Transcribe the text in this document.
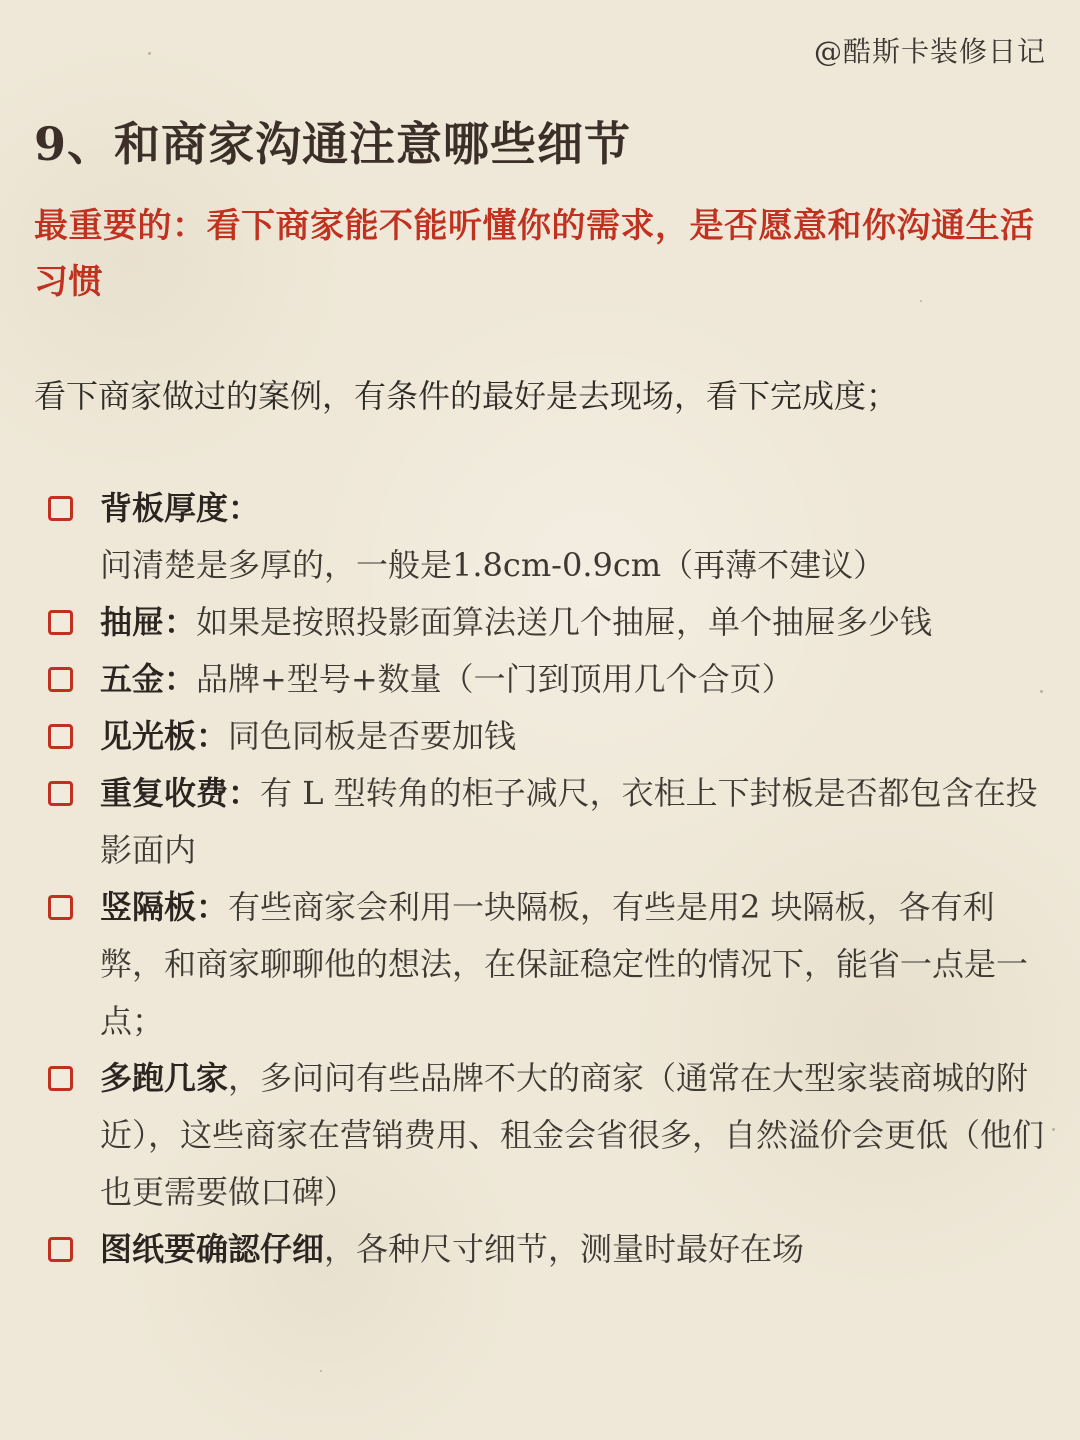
@酷斯卡装修日记
9、和商家沟通注意哪些细节
最重要的：看下商家能不能听懂你的需求，是否愿意和你沟通生活习惯
看下商家做过的案例，有条件的最好是去现场，看下完成度；
背板厚度：问清楚是多厚的，一般是1.8cm-0.9cm（再薄不建议）
抽屉：如果是按照投影面算法送几个抽屉，单个抽屉多少钱
五金：品牌+型号+数量（一门到顶用几个合页）
见光板：同色同板是否要加钱
重复收费：有 L 型转角的柜子减尺，衣柜上下封板是否都包含在投影面内
竖隔板：有些商家会利用一块隔板，有些是用2 块隔板，各有利弊，和商家聊聊他的想法，在保証稳定性的情况下，能省一点是一点；
多跑几家，多问问有些品牌不大的商家（通常在大型家装商城的附近），这些商家在营销费用、租金会省很多，自然溢价会更低（他们也更需要做口碑）
图纸要确認仔细，各种尺寸细节，测量时最好在场
